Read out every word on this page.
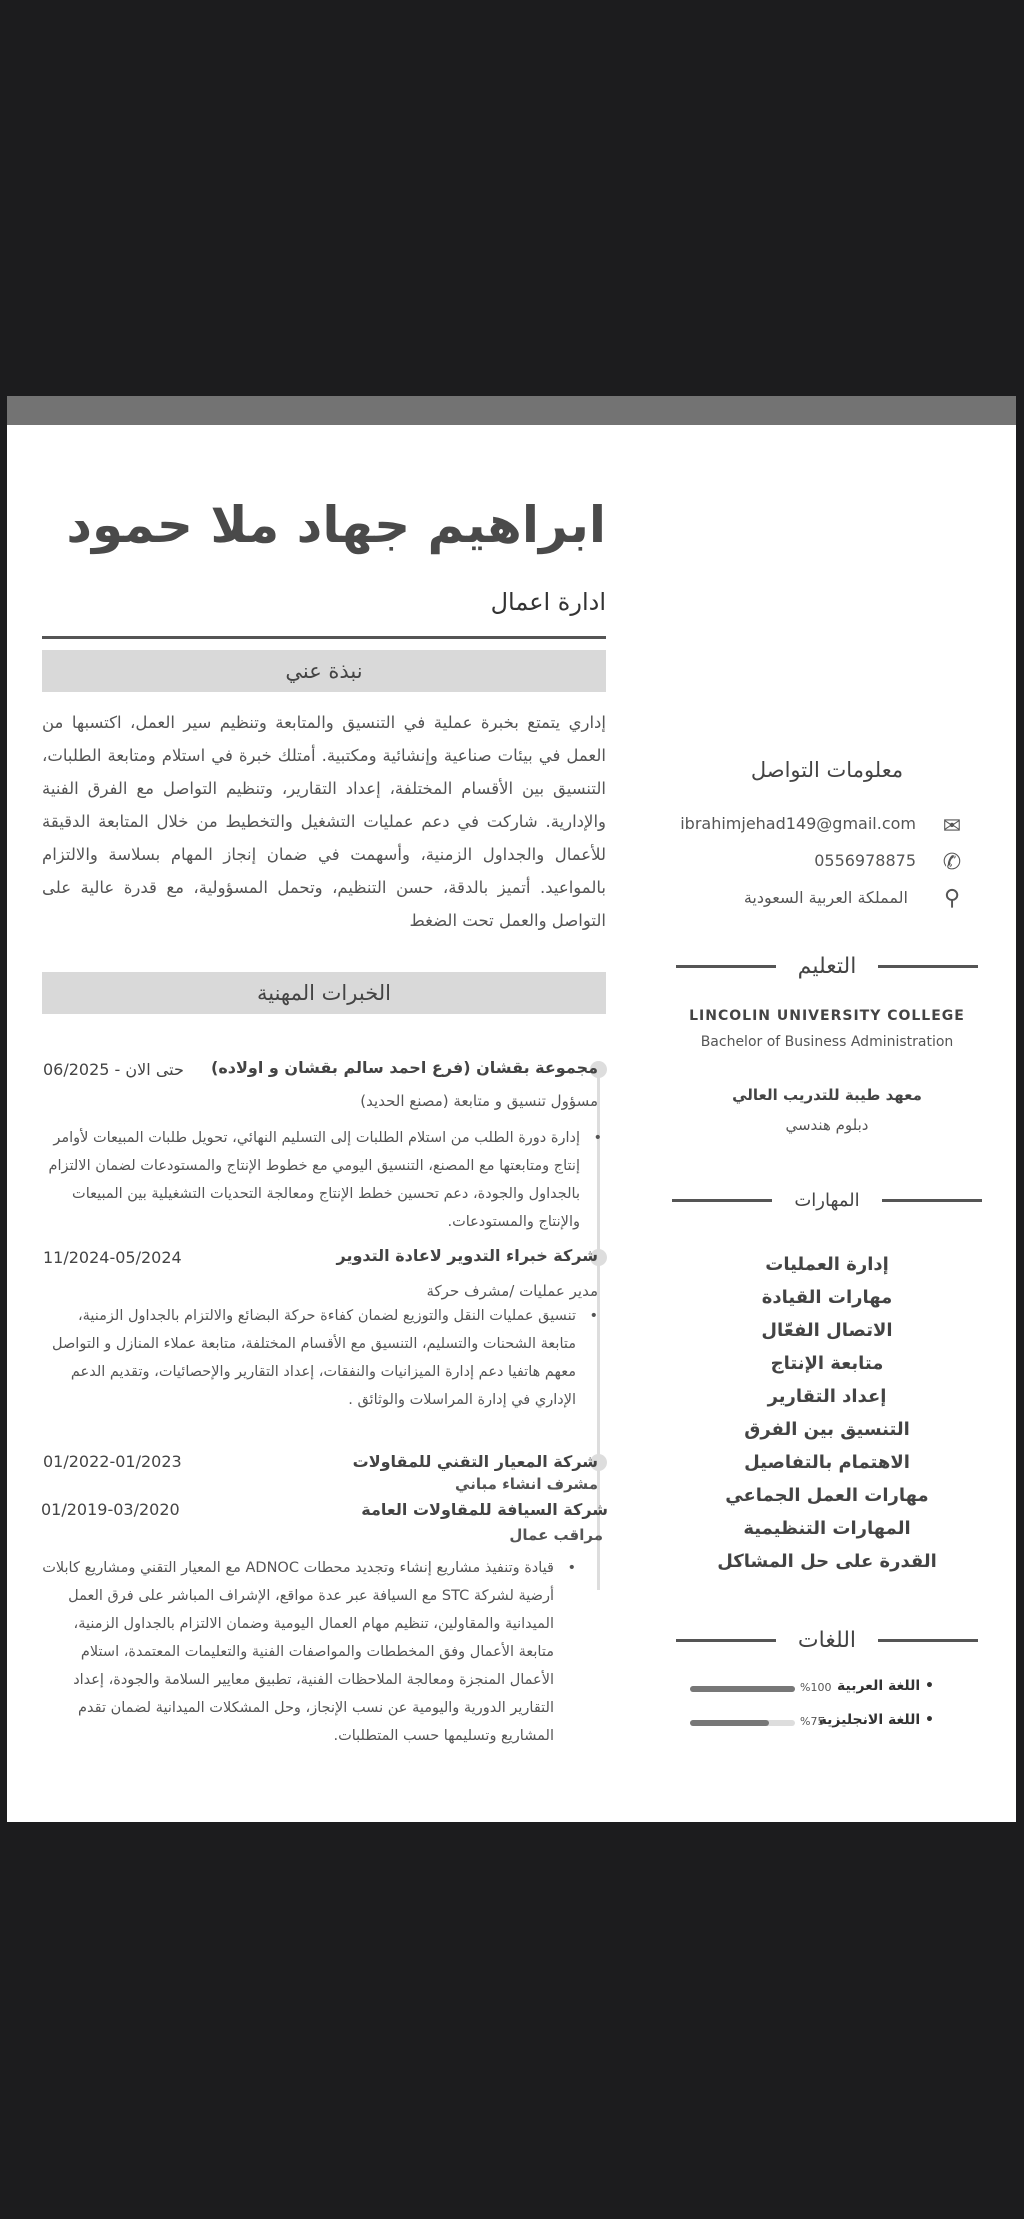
ابراهيم جهاد ملا حمود
ادارة اعمال
نبذة عني
إداري يتمتع بخبرة عملية في التنسيق والمتابعة وتنظيم سير العمل، اكتسبها من العمل في بيئات صناعية وإنشائية ومكتبية. أمتلك خبرة في استلام ومتابعة الطلبات، التنسيق بين الأقسام المختلفة، إعداد التقارير، وتنظيم التواصل مع الفرق الفنية والإدارية. شاركت في دعم عمليات التشغيل والتخطيط من خلال المتابعة الدقيقة للأعمال والجداول الزمنية، وأسهمت في ضمان إنجاز المهام بسلاسة والالتزام بالمواعيد. أتميز بالدقة، حسن التنظيم، وتحمل المسؤولية، مع قدرة عالية على التواصل والعمل تحت الضغط
الخبرات المهنية
مجموعة بقشان (فرع احمد سالم بقشان و اولاده)
حتى الان - 06/2025
مسؤول تنسيق و متابعة (مصنع الحديد)
• إدارة دورة الطلب من استلام الطلبات إلى التسليم النهائي، تحويل طلبات المبيعات لأوامر إنتاج ومتابعتها مع المصنع، التنسيق اليومي مع خطوط الإنتاج والمستودعات لضمان الالتزام بالجداول والجودة، دعم تحسين خطط الإنتاج ومعالجة التحديات التشغيلية بين المبيعات والإنتاج والمستودعات.
شركة خبراء التدوير لاعادة التدوير
11/2024-05/2024
مدير عمليات /مشرف حركة
• تنسيق عمليات النقل والتوزيع لضمان كفاءة حركة البضائع والالتزام بالجداول الزمنية، متابعة الشحنات والتسليم، التنسيق مع الأقسام المختلفة، متابعة عملاء المنازل و التواصل معهم هاتفيا دعم إدارة الميزانيات والنفقات، إعداد التقارير والإحصائيات، وتقديم الدعم الإداري في إدارة المراسلات والوثائق .
شركة المعيار التقني للمقاولات
01/2022-01/2023
مشرف انشاء مباني
شركة السيافة للمقاولات العامة
01/2019-03/2020
مراقب عمال
• قيادة وتنفيذ مشاريع إنشاء وتجديد محطات ADNOC مع المعيار التقني ومشاريع كابلات أرضية لشركة STC مع السيافة عبر عدة مواقع، الإشراف المباشر على فرق العمل الميدانية والمقاولين، تنظيم مهام العمال اليومية وضمان الالتزام بالجداول الزمنية، متابعة الأعمال وفق المخططات والمواصفات الفنية والتعليمات المعتمدة، استلام الأعمال المنجزة ومعالجة الملاحظات الفنية، تطبيق معايير السلامة والجودة، إعداد التقارير الدورية واليومية عن نسب الإنجاز، وحل المشكلات الميدانية لضمان تقدم المشاريع وتسليمها حسب المتطلبات.
معلومات التواصل
ibrahimjehad149@gmail.com ✉
0556978875 ✆
المملكة العربية السعودية ⚲
التعليم
LINCOLIN UNIVERSITY COLLEGE
Bachelor of Business Administration
معهد طيبة للتدريب العالي
دبلوم هندسي
المهارات
إدارة العمليات
مهارات القيادة
الاتصال الفعّال
متابعة الإنتاج
إعداد التقارير
التنسيق بين الفرق
الاهتمام بالتفاصيل
مهارات العمل الجماعي
المهارات التنظيمية
القدرة على حل المشاكل
اللغات
• اللغة العربية
%100
• اللغة الانجليزية
%75
